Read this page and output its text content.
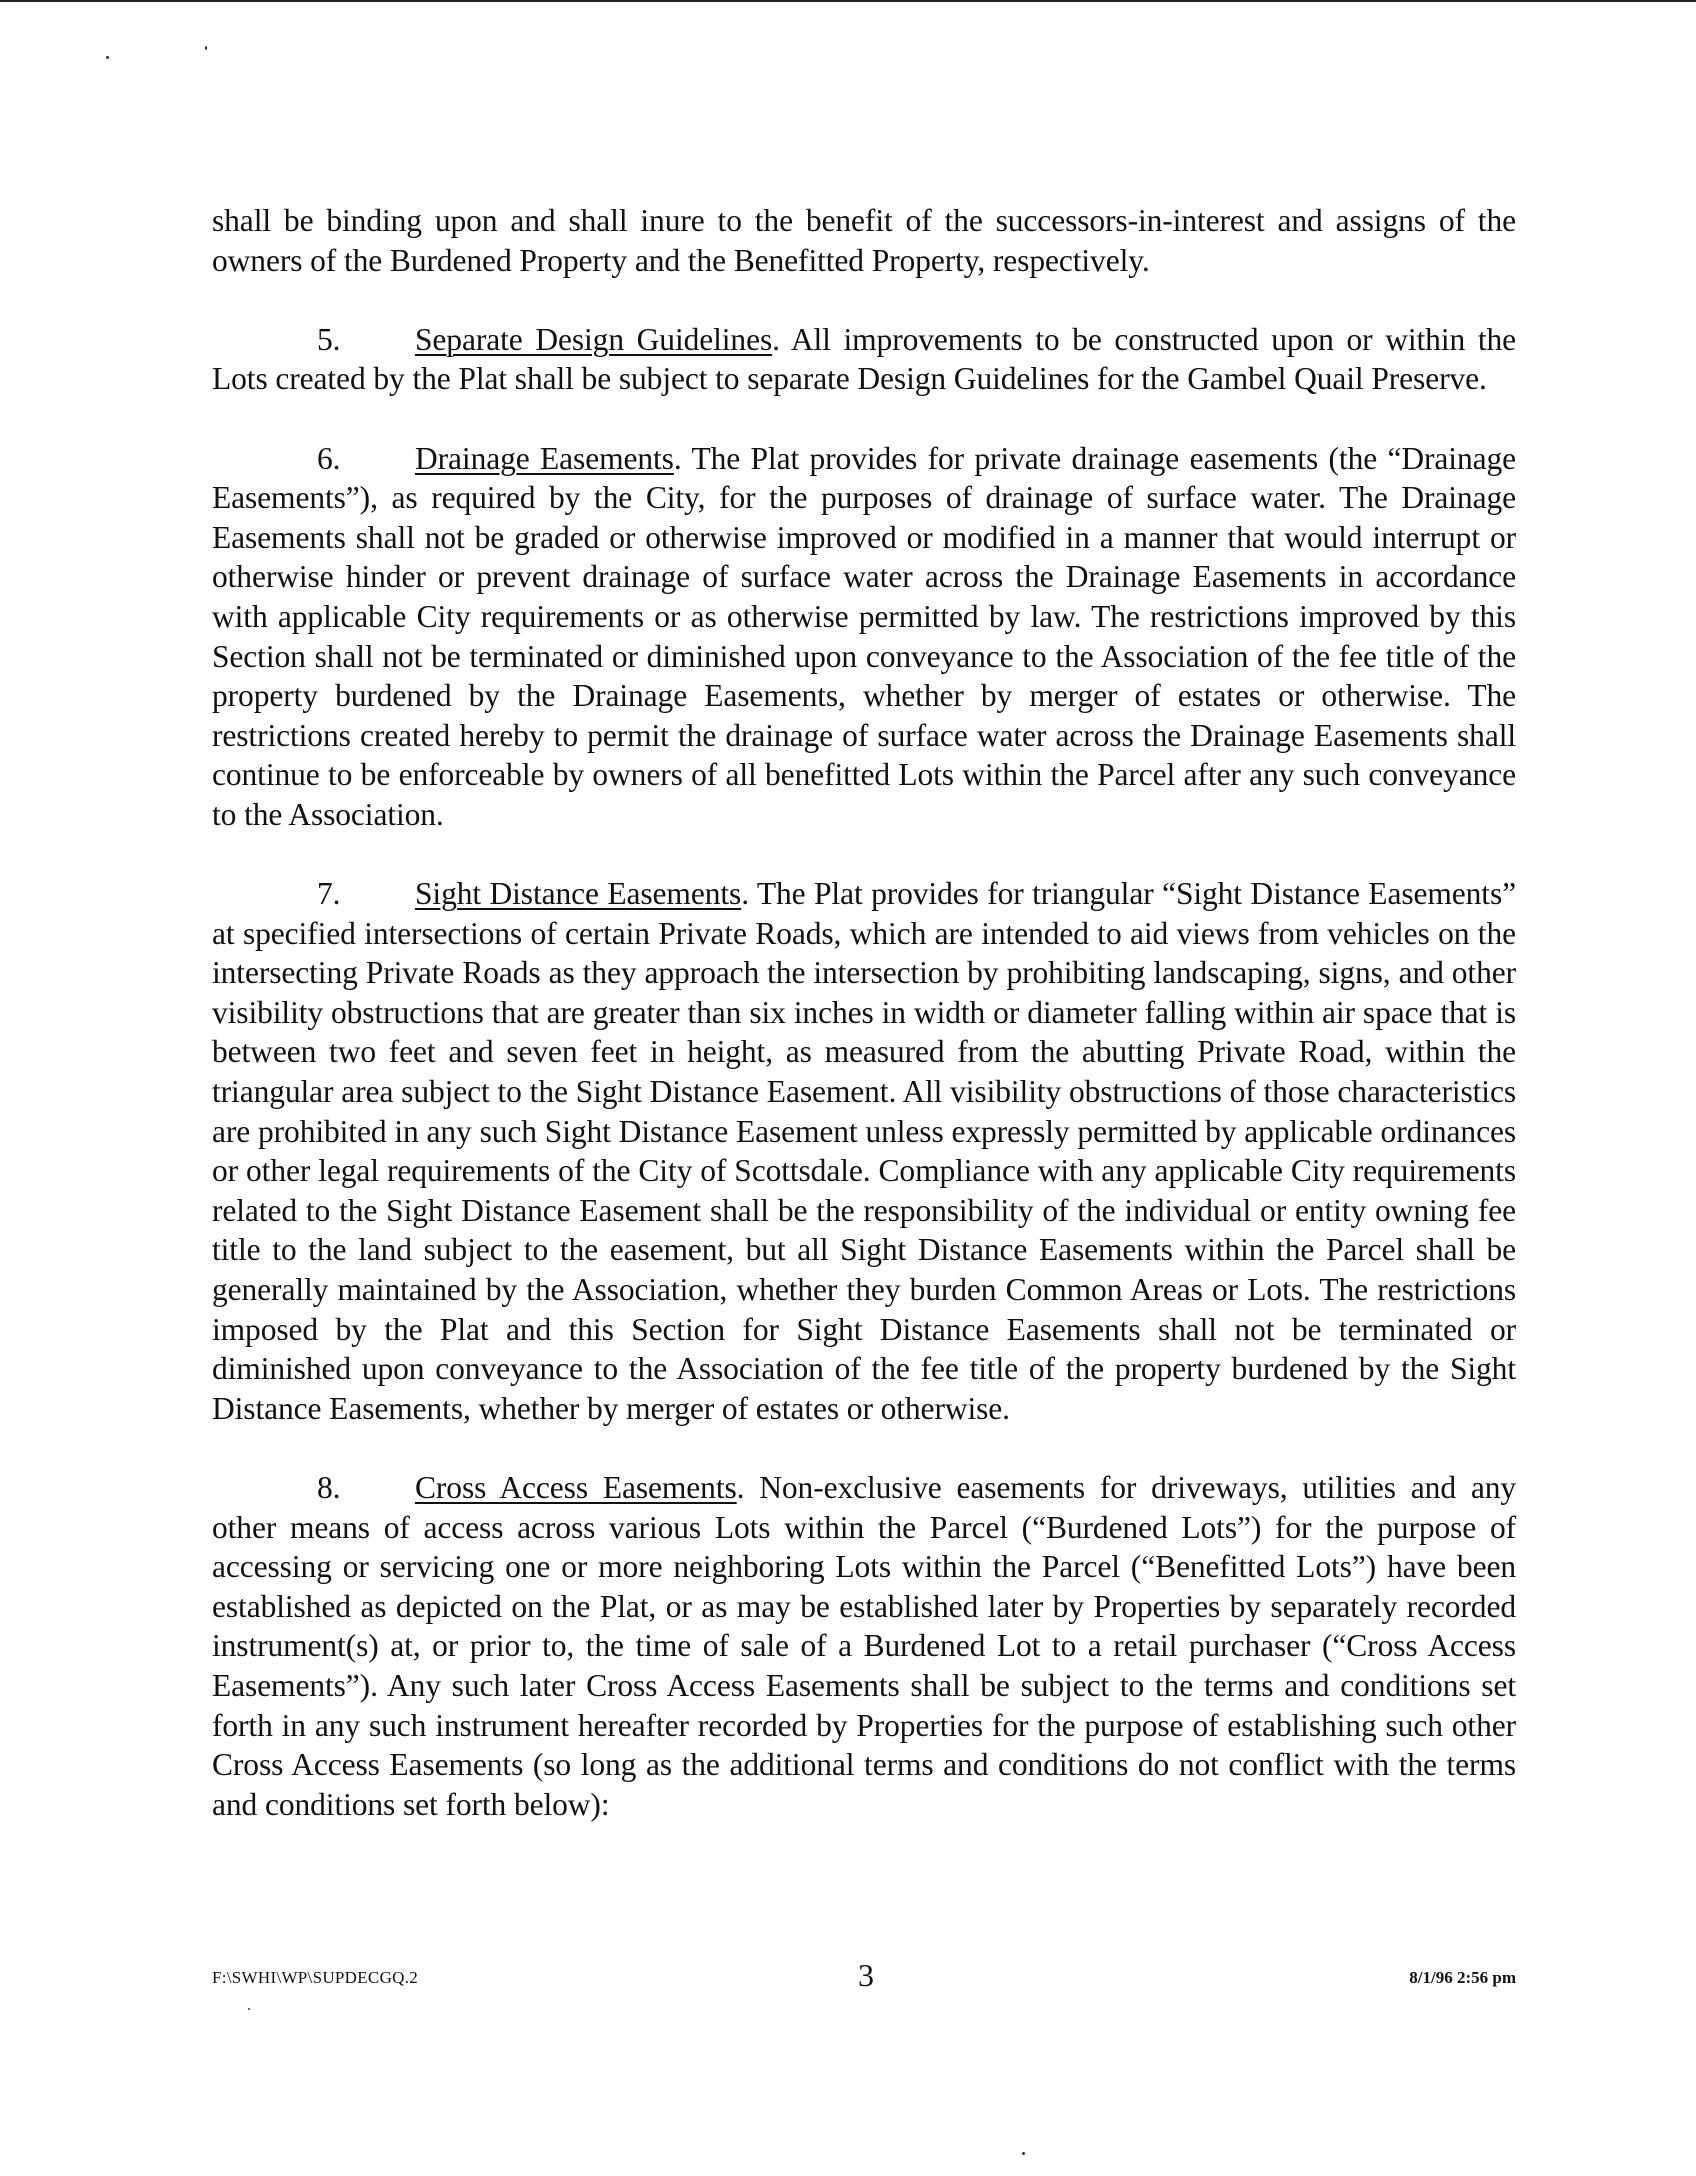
shall be binding upon and shall inure to the benefit of the successors-in-interest and assigns of the owners of the Burdened Property and the Benefitted Property, respectively.

5. Separate Design Guidelines. All improvements to be constructed upon or within the Lots created by the Plat shall be subject to separate Design Guidelines for the Gambel Quail Preserve.

6. Drainage Easements. The Plat provides for private drainage easements (the “Drainage Easements”), as required by the City, for the purposes of drainage of surface water. The Drainage Easements shall not be graded or otherwise improved or modified in a manner that would interrupt or otherwise hinder or prevent drainage of surface water across the Drainage Easements in accordance with applicable City requirements or as otherwise permitted by law. The restrictions improved by this Section shall not be terminated or diminished upon conveyance to the Association of the fee title of the property burdened by the Drainage Easements, whether by merger of estates or otherwise. The restrictions created hereby to permit the drainage of surface water across the Drainage Easements shall continue to be enforceable by owners of all benefitted Lots within the Parcel after any such conveyance to the Association.

7. Sight Distance Easements. The Plat provides for triangular “Sight Distance Easements” at specified intersections of certain Private Roads, which are intended to aid views from vehicles on the intersecting Private Roads as they approach the intersection by prohibiting landscaping, signs, and other visibility obstructions that are greater than six inches in width or diameter falling within air space that is between two feet and seven feet in height, as measured from the abutting Private Road, within the triangular area subject to the Sight Distance Easement. All visibility obstructions of those characteristics are prohibited in any such Sight Distance Easement unless expressly permitted by applicable ordinances or other legal requirements of the City of Scottsdale. Compliance with any applicable City requirements related to the Sight Distance Easement shall be the responsibility of the individual or entity owning fee title to the land subject to the easement, but all Sight Distance Easements within the Parcel shall be generally maintained by the Association, whether they burden Common Areas or Lots. The restrictions imposed by the Plat and this Section for Sight Distance Easements shall not be terminated or diminished upon conveyance to the Association of the fee title of the property burdened by the Sight Distance Easements, whether by merger of estates or otherwise.

8. Cross Access Easements. Non-exclusive easements for driveways, utilities and any other means of access across various Lots within the Parcel (“Burdened Lots”) for the purpose of accessing or servicing one or more neighboring Lots within the Parcel (“Benefitted Lots”) have been established as depicted on the Plat, or as may be established later by Properties by separately recorded instrument(s) at, or prior to, the time of sale of a Burdened Lot to a retail purchaser (“Cross Access Easements”). Any such later Cross Access Easements shall be subject to the terms and conditions set forth in any such instrument hereafter recorded by Properties for the purpose of establishing such other Cross Access Easements (so long as the additional terms and conditions do not conflict with the terms and conditions set forth below):

F:\SWHI\WP\SUPDECGQ.2	3	8/1/96 2:56 pm
